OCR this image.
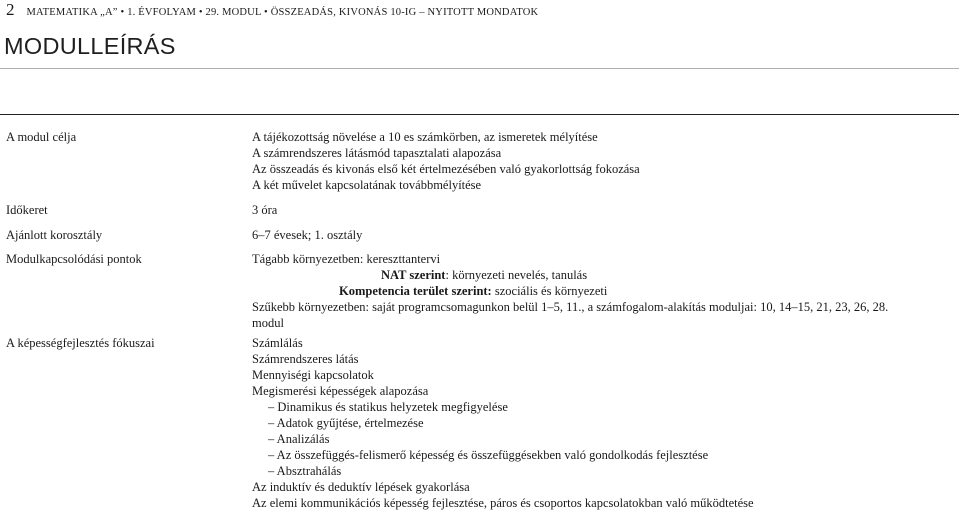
2 MATEMATIKA „A” • 1. ÉVFOLYAM • 29. MODUL • ÖSSZEADÁS, KIVONÁS 10-IG – NYITOTT MONDATOK
MODULLEÍRÁS
A modul célja	A tájékozottság növelése a 10 es számkörben, az ismeretek mélyítése
A számrendszeres látásmód tapasztalati alapozása
Az összeadás és kivonás első két értelmezésében való gyakorlottság fokozása
A két művelet kapcsolatának továbbmélyítése
Időkeret	3 óra
Ajánlott korosztály	6–7 évesek; 1. osztály
Modulkapcsolódási pontok	Tágabb környezetben: kereszttantervi
NAT szerint: környezeti nevelés, tanulás
Kompetencia terület szerint: szociális és környezeti
Szűkebb környezetben: saját programcsomagunkon belül 1–5, 11., a számfogalom-alakítás moduljai: 10, 14–15, 21, 23, 26, 28.
modul
A képességfejlesztés fókuszai	Számlálás
Számrendszeres látás
Mennyiségi kapcsolatok
Megismerési képességek alapozása
– Dinamikus és statikus helyzetek megfigyelése
– Adatok gyűjtése, értelmezése
– Analizálás
– Az összefüggés-felismerő képesség és összefüggésekben való gondolkodás fejlesztése
– Absztrahálás
Az induktív és deduktív lépések gyakorlása
Az elemi kommunikációs képesség fejlesztése, páros és csoportos kapcsolatokban való működtetése
